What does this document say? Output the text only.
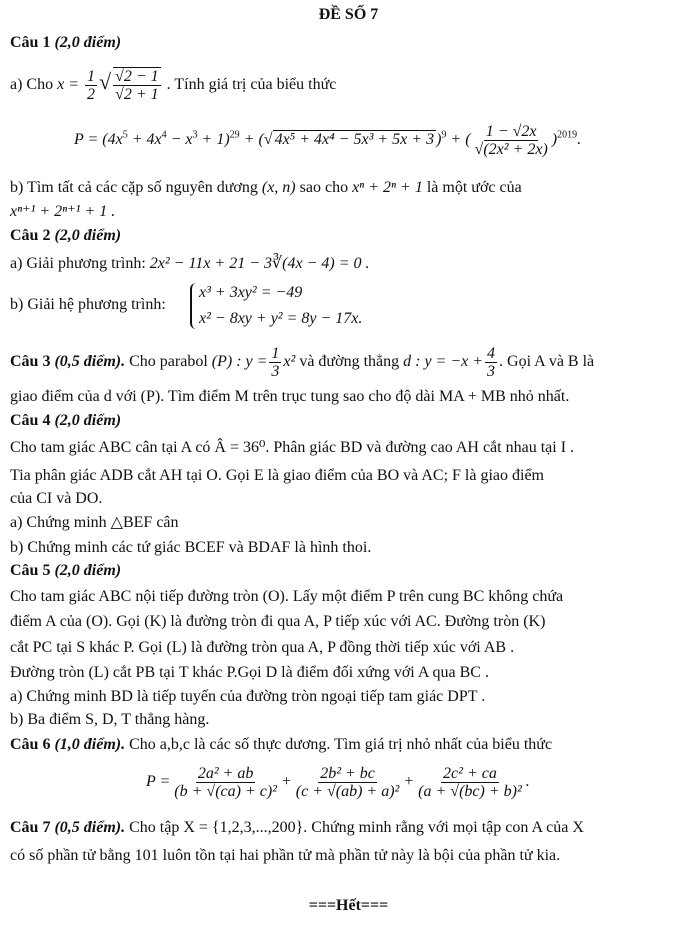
ĐỀ SỐ 7
Câu 1 (2,0 điểm)
a) Cho $x = \frac{1}{2}$ √ $\frac{√2 - 1}{√2 + 1}$ . Tính giá trị của biểu thức
$P = (4x^5 + 4x^4 - x^3 + 1)^{29}$ + (√ 4x⁵ + 4x⁴ − 5x³ + 5x + 3 )$^9$ + ( $\frac{1 - √2x}{\text{√(2x² + 2x)}} )^{2019}$.
b) Tìm tất cả các cặp số nguyên dương (x, n) sao cho xⁿ + 2ⁿ + 1 là một ước của
xⁿ⁺¹ + 2ⁿ⁺¹ + 1 .
Câu 2 (2,0 điểm)
a) Giải phương trình: 2x² − 11x + 21 − 3∛(4x − 4) = 0 .
b) Giải hệ phương trình:
x³ + 3xy² = −49
x² − 8xy + y² = 8y − 17x.
Câu 3 (0,5 điểm). Cho parabol (P) : $y = \frac{1}{3} x^2$ và đường thẳng d : $y = -x + \frac{4}{3}$ . Gọi A và B là
giao điểm của d với (P). Tìm điểm M trên trục tung sao cho độ dài MA + MB nhỏ nhất.
Câu 4 (2,0 điểm)
Cho tam giác ABC cân tại A có Â = 36⁰. Phân giác BD và đường cao AH cắt nhau tại I .
Tia phân giác ADB cắt AH tại O. Gọi E là giao điểm của BO và AC; F là giao điểm
của CI và DO.
a) Chứng minh △BEF cân
b) Chứng minh các tứ giác BCEF và BDAF là hình thoi.
Câu 5 (2,0 điểm)
Cho tam giác ABC nội tiếp đường tròn (O). Lấy một điểm P trên cung BC không chứa
điểm A của (O). Gọi (K) là đường tròn đi qua A, P tiếp xúc với AC. Đường tròn (K)
cắt PC tại S khác P. Gọi (L) là đường tròn qua A, P đồng thời tiếp xúc với AB .
Đường tròn (L) cắt PB tại T khác P.Gọi D là điểm đối xứng với A qua BC .
a) Chứng minh BD là tiếp tuyến của đường tròn ngoại tiếp tam giác DPT .
b) Ba điểm S, D, T thẳng hàng.
Câu 6 (1,0 điểm). Cho a,b,c là các số thực dương. Tìm giá trị nhỏ nhất của biểu thức
$P = \frac{\text{2a² + ab}}{\text{(b + √(ca) + c)²}} + \frac{\text{2b² + bc}}{\text{(c + √(ab) + a)²}} + \frac{\text{2c² + ca}}{\text{(a + √(bc) + b)²}}$ .
Câu 7 (0,5 điểm). Cho tập X = {1,2,3,...,200}. Chứng minh rằng với mọi tập con A của X
có số phần tử bằng 101 luôn tồn tại hai phần tử mà phần tử này là bội của phần tử kia.
===Hết===
